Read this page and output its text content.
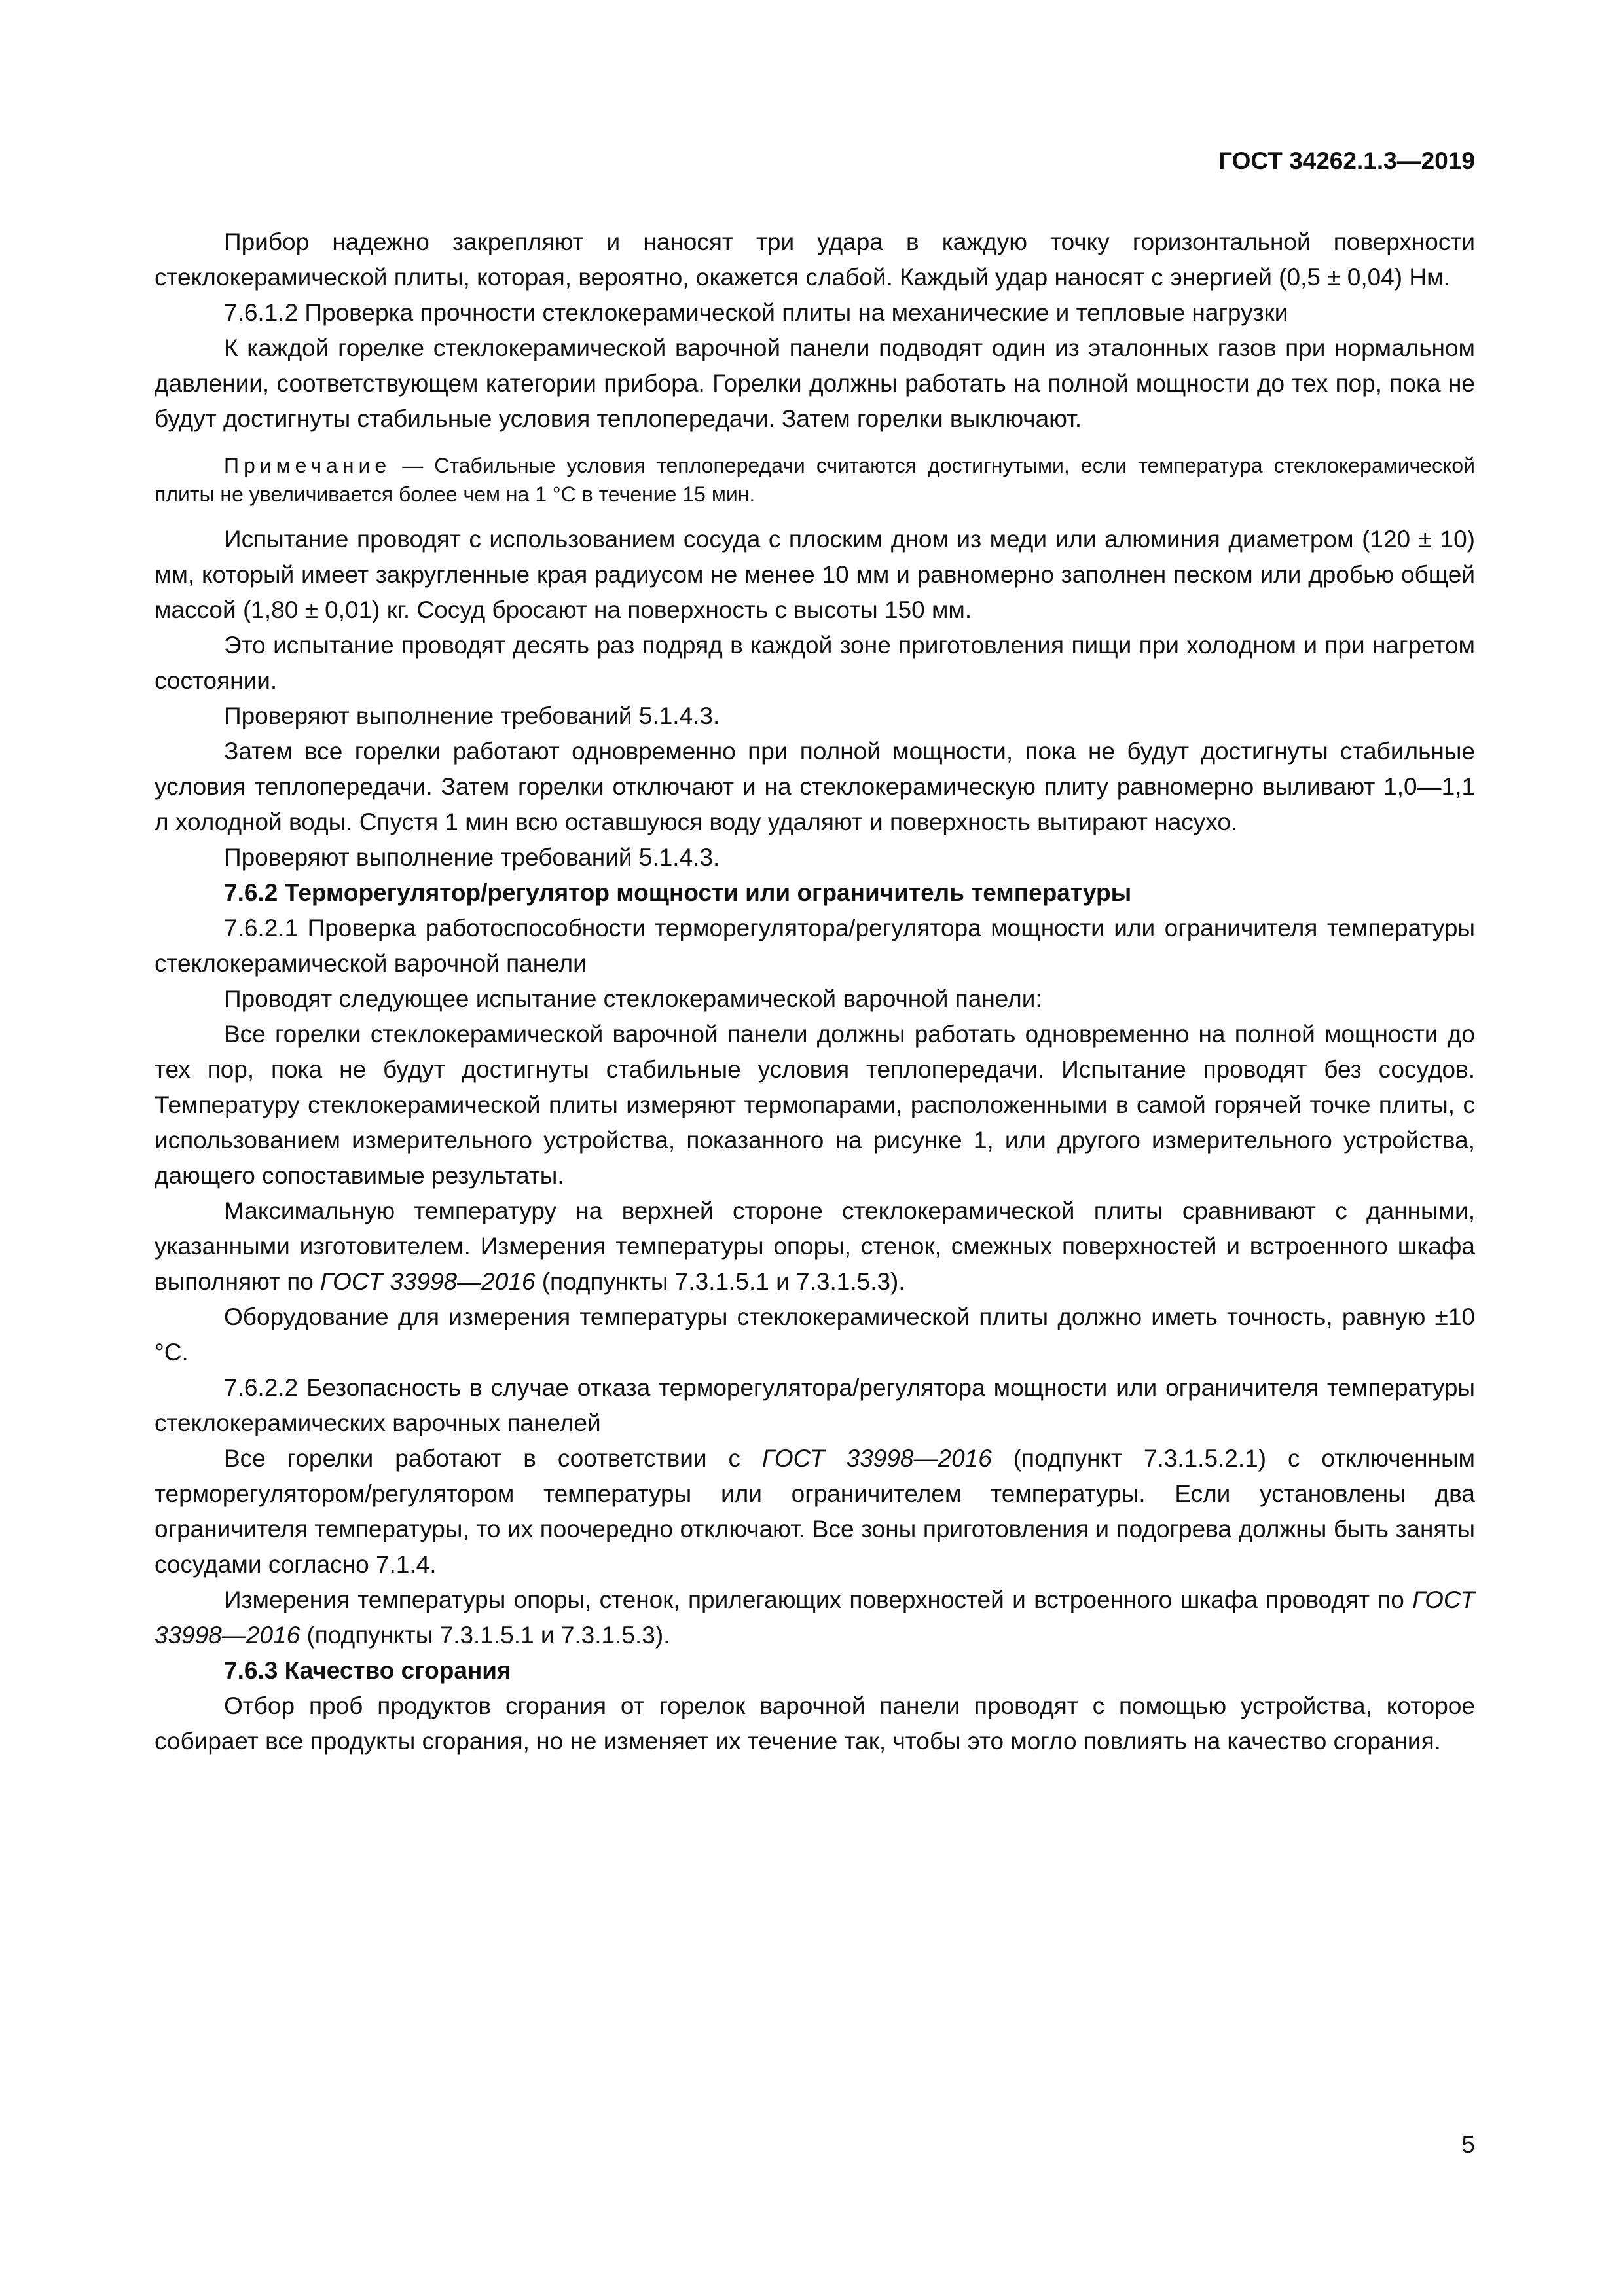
ГОСТ 34262.1.3—2019

Прибор надежно закрепляют и наносят три удара в каждую точку горизонтальной поверхности стеклокерамической плиты, которая, вероятно, окажется слабой. Каждый удар наносят с энергией (0,5 ± 0,04) Нм.

7.6.1.2 Проверка прочности стеклокерамической плиты на механические и тепловые нагрузки

К каждой горелке стеклокерамической варочной панели подводят один из эталонных газов при нормальном давлении, соответствующем категории прибора. Горелки должны работать на полной мощности до тех пор, пока не будут достигнуты стабильные условия теплопередачи. Затем горелки выключают.

Примечание — Стабильные условия теплопередачи считаются достигнутыми, если температура стеклокерамической плиты не увеличивается более чем на 1 °С в течение 15 мин.

Испытание проводят с использованием сосуда с плоским дном из меди или алюминия диаметром (120 ± 10) мм, который имеет закругленные края радиусом не менее 10 мм и равномерно заполнен песком или дробью общей массой (1,80 ± 0,01) кг. Сосуд бросают на поверхность с высоты 150 мм.

Это испытание проводят десять раз подряд в каждой зоне приготовления пищи при холодном и при нагретом состоянии.

Проверяют выполнение требований 5.1.4.3.

Затем все горелки работают одновременно при полной мощности, пока не будут достигнуты стабильные условия теплопередачи. Затем горелки отключают и на стеклокерамическую плиту равномерно выливают 1,0—1,1 л холодной воды. Спустя 1 мин всю оставшуюся воду удаляют и поверхность вытирают насухо.

Проверяют выполнение требований 5.1.4.3.

7.6.2 Терморегулятор/регулятор мощности или ограничитель температуры

7.6.2.1 Проверка работоспособности терморегулятора/регулятора мощности или ограничителя температуры стеклокерамической варочной панели

Проводят следующее испытание стеклокерамической варочной панели:

Все горелки стеклокерамической варочной панели должны работать одновременно на полной мощности до тех пор, пока не будут достигнуты стабильные условия теплопередачи. Испытание проводят без сосудов. Температуру стеклокерамической плиты измеряют термопарами, расположенными в самой горячей точке плиты, с использованием измерительного устройства, показанного на рисунке 1, или другого измерительного устройства, дающего сопоставимые результаты.

Максимальную температуру на верхней стороне стеклокерамической плиты сравнивают с данными, указанными изготовителем. Измерения температуры опоры, стенок, смежных поверхностей и встроенного шкафа выполняют по ГОСТ 33998—2016 (подпункты 7.3.1.5.1 и 7.3.1.5.3).

Оборудование для измерения температуры стеклокерамической плиты должно иметь точность, равную ±10 °С.

7.6.2.2 Безопасность в случае отказа терморегулятора/регулятора мощности или ограничителя температуры стеклокерамических варочных панелей

Все горелки работают в соответствии с ГОСТ 33998—2016 (подпункт 7.3.1.5.2.1) с отключенным терморегулятором/регулятором температуры или ограничителем температуры. Если установлены два ограничителя температуры, то их поочередно отключают. Все зоны приготовления и подогрева должны быть заняты сосудами согласно 7.1.4.

Измерения температуры опоры, стенок, прилегающих поверхностей и встроенного шкафа проводят по ГОСТ 33998—2016 (подпункты 7.3.1.5.1 и 7.3.1.5.3).

7.6.3 Качество сгорания

Отбор проб продуктов сгорания от горелок варочной панели проводят с помощью устройства, которое собирает все продукты сгорания, но не изменяет их течение так, чтобы это могло повлиять на качество сгорания.

5
